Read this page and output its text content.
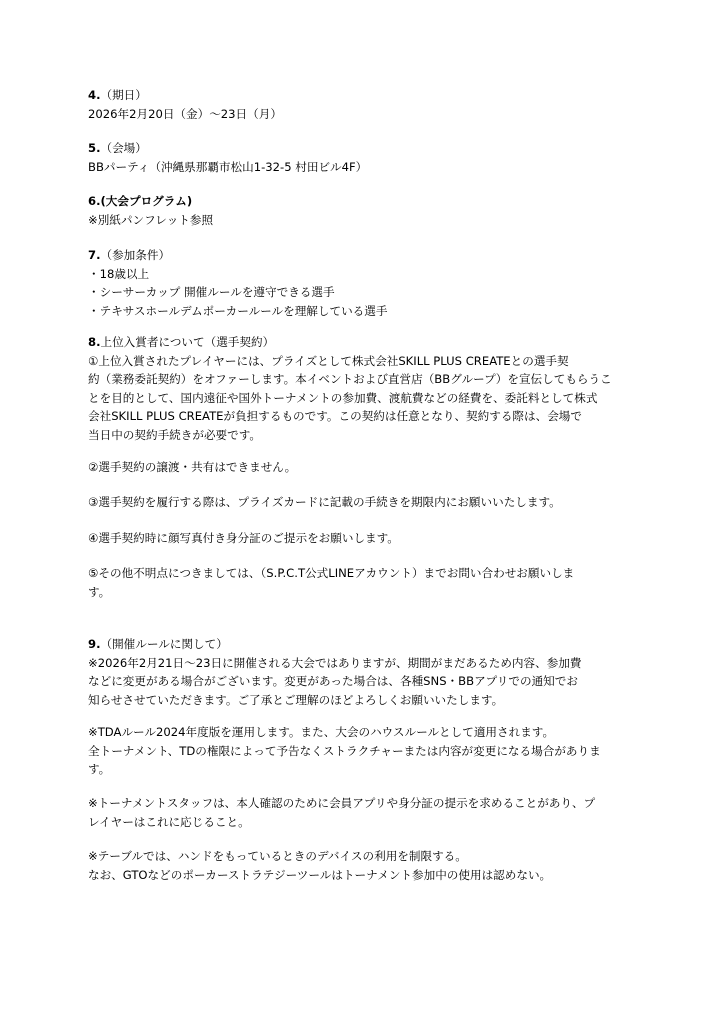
4.（期日）
2026年2月20日（金）～23日（月）
5.（会場）
BBパーティ（沖縄県那覇市松山1-32-5 村田ビル4F）
6.(大会プログラム)
※別紙パンフレット参照
7.（参加条件）
・18歳以上
・シーサーカップ 開催ルールを遵守できる選手
・テキサスホールデムポーカールールを理解している選手
8.上位入賞者について（選手契約）
①上位入賞されたプレイヤーには、プライズとして株式会社SKILL PLUS CREATEとの選手契
約（業務委託契約）をオファーします。本イベントおよび直営店（BBグループ）を宣伝してもらうこ
とを目的として、国内遠征や国外トーナメントの参加費、渡航費などの経費を、委託料として株式
会社SKILL PLUS CREATEが負担するものです。この契約は任意となり、契約する際は、会場で
当日中の契約手続きが必要です。
②選手契約の譲渡・共有はできません。
③選手契約を履行する際は、プライズカードに記載の手続きを期限内にお願いいたします。
④選手契約時に顔写真付き身分証のご提示をお願いします。
⑤その他不明点につきましては、（S.P.C.T公式LINEアカウント）までお問い合わせお願いしま
す。
9.（開催ルールに関して）
※2026年2月21日～23日に開催される大会ではありますが、期間がまだあるため内容、参加費
などに変更がある場合がございます。変更があった場合は、各種SNS・BBアプリでの通知でお
知らせさせていただきます。ご了承とご理解のほどよろしくお願いいたします。
※TDAルール2024年度版を運用します。また、大会のハウスルールとして適用されます。
全トーナメント、TDの権限によって予告なくストラクチャーまたは内容が変更になる場合がありま
す。
※トーナメントスタッフは、本人確認のために会員アプリや身分証の提示を求めることがあり、プ
レイヤーはこれに応じること。
※テーブルでは、ハンドをもっているときのデバイスの利用を制限する。
なお、GTOなどのポーカーストラテジーツールはトーナメント参加中の使用は認めない。
